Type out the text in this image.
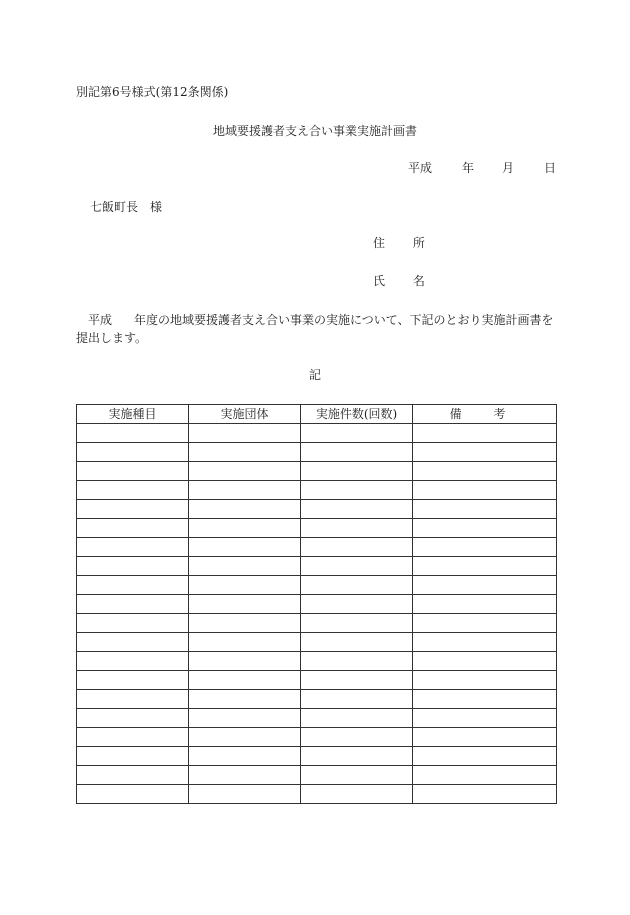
別記第6号様式(第12条関係)
地域要援護者支え合い事業実施計画書
平成	年 月	日
七飯町長 様
住 所
氏 名
平成 年度の地域要援護者支え合い事業の実施について、下記のとおり実施計画書を提出します。
記
実施種目	実施団体	実施件数(回数)	備 考
